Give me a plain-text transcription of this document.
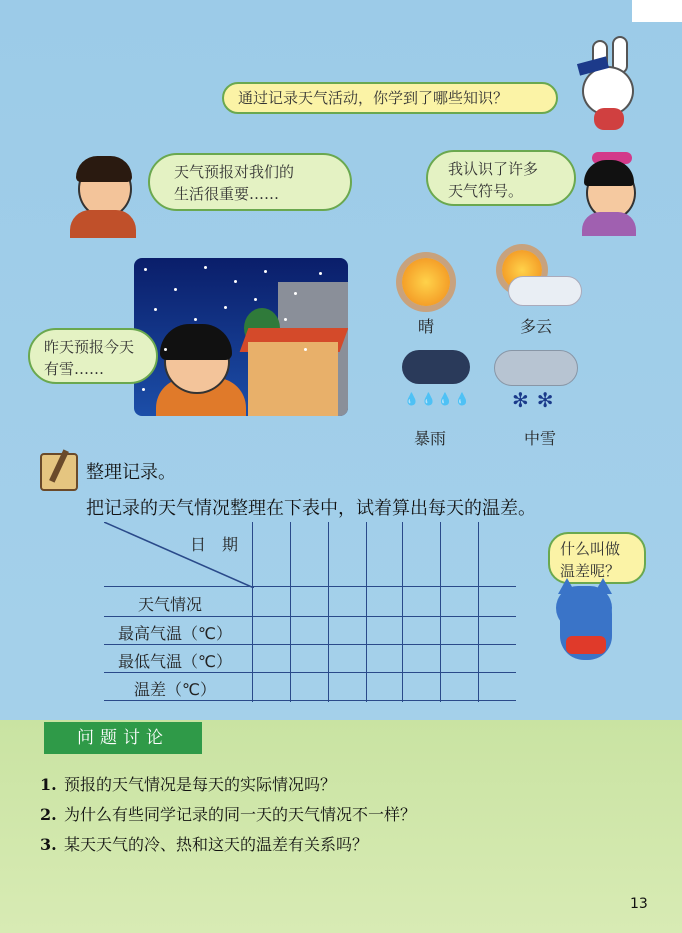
通过记录天气活动，你学到了哪些知识？
天气预报对我们的
生活很重要……
我认识了许多
天气符号。
昨天预报今天
有雪……
晴	多云
💧💧💧💧
暴雨
✻✻
中雪
整理记录。
把记录的天气情况整理在下表中，试着算出每天的温差。
日　期
天气情况
最高气温（℃）
最低气温（℃）
温差（℃）
什么叫做
温差呢？
问题讨论
1. 预报的天气情况是每天的实际情况吗？
2. 为什么有些同学记录的同一天的天气情况不一样？
3. 某天天气的冷、热和这天的温差有关系吗？
13
